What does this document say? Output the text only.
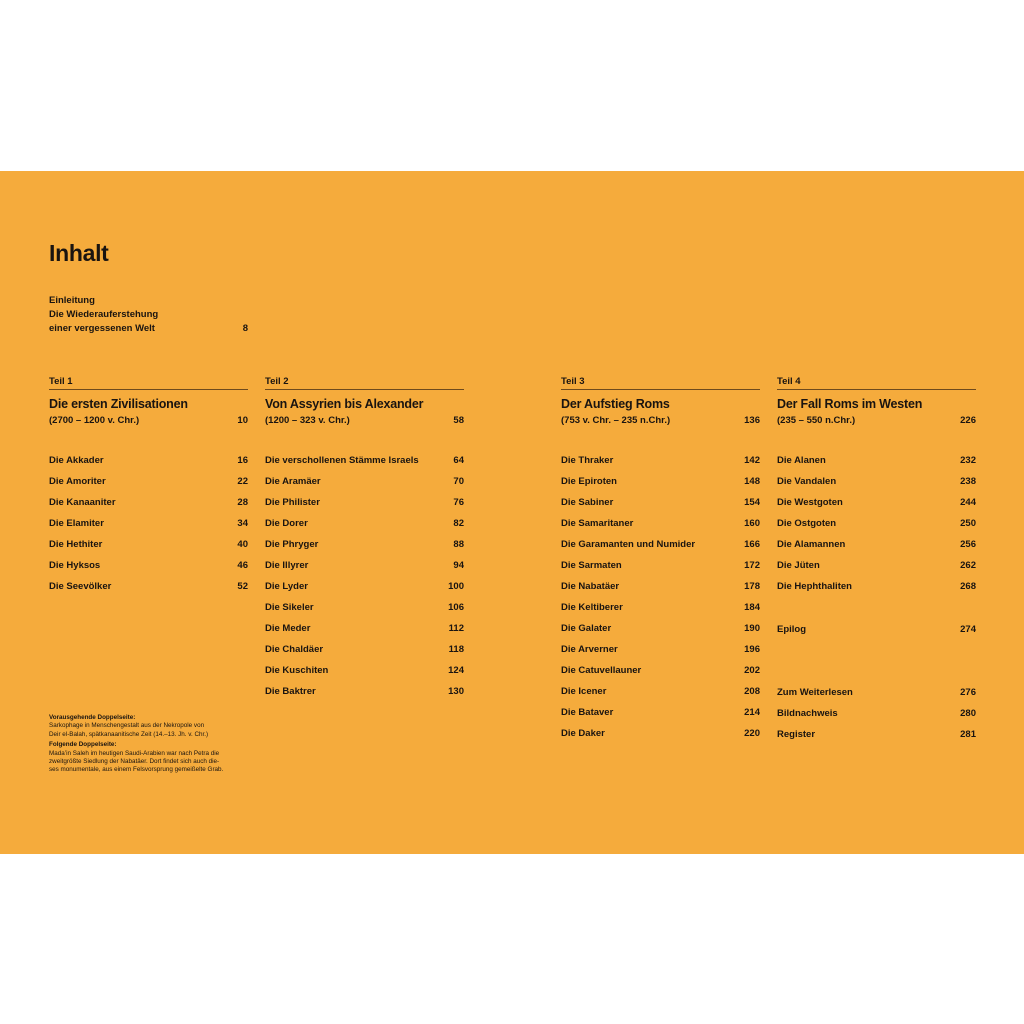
Inhalt
Einleitung
Die Wiederauferstehung
einer vergessenen Welt	8
Teil 1
Die ersten Zivilisationen
(2700 – 1200 v. Chr.)	10
Die Akkader	16
Die Amoriter	22
Die Kanaaniter	28
Die Elamiter	34
Die Hethiter	40
Die Hyksos	46
Die Seevölker	52
Teil 2
Von Assyrien bis Alexander
(1200 – 323 v. Chr.)	58
Die verschollenen Stämme Israels	64
Die Aramäer	70
Die Philister	76
Die Dorer	82
Die Phryger	88
Die Illyrer	94
Die Lyder	100
Die Sikeler	106
Die Meder	112
Die Chaldäer	118
Die Kuschiten	124
Die Baktrer	130
Teil 3
Der Aufstieg Roms
(753 v. Chr. – 235 n.Chr.)	136
Die Thraker	142
Die Epiroten	148
Die Sabiner	154
Die Samaritaner	160
Die Garamanten und Numider	166
Die Sarmaten	172
Die Nabatäer	178
Die Keltiberer	184
Die Galater	190
Die Arverner	196
Die Catuvellauner	202
Die Icener	208
Die Bataver	214
Die Daker	220
Teil 4
Der Fall Roms im Westen
(235 – 550 n.Chr.)	226
Die Alanen	232
Die Vandalen	238
Die Westgoten	244
Die Ostgoten	250
Die Alamannen	256
Die Jüten	262
Die Hephthaliten	268
Epilog	274
Zum Weiterlesen	276
Bildnachweis	280
Register	281
Vorausgehende Doppelseite:
Sarkophage in Menschengestalt aus der Nekropole von
Deir el-Balah, spätkanaanitische Zeit (14.–13. Jh. v. Chr.)
Folgende Doppelseite:
Mada’in Saleh im heutigen Saudi-Arabien war nach Petra die
zweitgrößte Siedlung der Nabatäer. Dort findet sich auch die-
ses monumentale, aus einem Felsvorsprung gemeißelte Grab.
